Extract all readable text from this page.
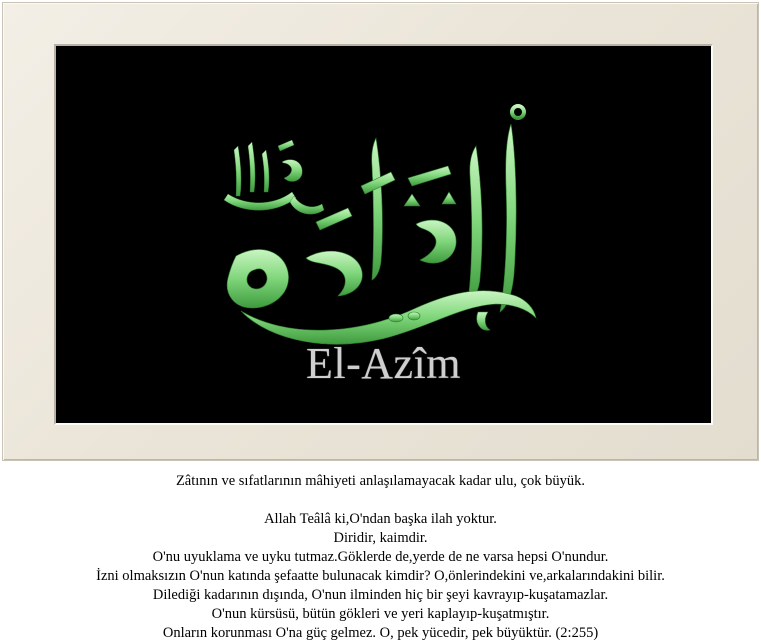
El-Azîm

Zâtının ve sıfatlarının mâhiyeti anlaşılamayacak kadar ulu, çok büyük.

Allah Teâlâ ki,O'ndan başka ilah yoktur.
Diridir, kaimdir.
O'nu uyuklama ve uyku tutmaz.Göklerde de,yerde de ne varsa hepsi O'nundur.
İzni olmaksızın O'nun katında şefaatte bulunacak kimdir? O,önlerindekini ve,arkalarındakini bilir.
Dilediği kadarının dışında, O'nun ilminden hiç bir şeyi kavrayıp-kuşatamazlar.
O'nun kürsüsü, bütün gökleri ve yeri kaplayıp-kuşatmıştır.
Onların korunması O'na güç gelmez. O, pek yücedir, pek büyüktür. (2:255)
